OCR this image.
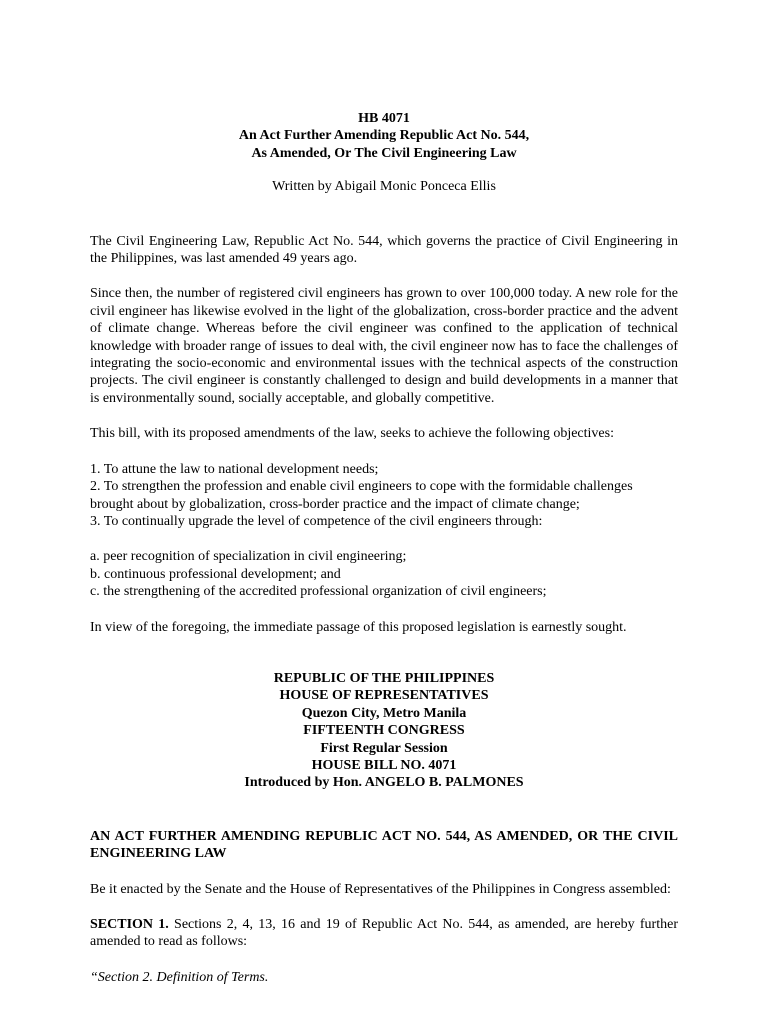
HB 4071
An Act Further Amending Republic Act No. 544,
As Amended, Or The Civil Engineering Law
Written by Abigail Monic Ponceca Ellis

The Civil Engineering Law, Republic Act No. 544, which governs the practice of Civil Engineering in the Philippines, was last amended 49 years ago.

Since then, the number of registered civil engineers has grown to over 100,000 today. A new role for the civil engineer has likewise evolved in the light of the globalization, cross-border practice and the advent of climate change. Whereas before the civil engineer was confined to the application of technical knowledge with broader range of issues to deal with, the civil engineer now has to face the challenges of integrating the socio-economic and environmental issues with the technical aspects of the construction projects. The civil engineer is constantly challenged to design and build developments in a manner that is environmentally sound, socially acceptable, and globally competitive.

This bill, with its proposed amendments of the law, seeks to achieve the following objectives:

1. To attune the law to national development needs;
2. To strengthen the profession and enable civil engineers to cope with the formidable challenges brought about by globalization, cross-border practice and the impact of climate change;
3. To continually upgrade the level of competence of the civil engineers through:
a. peer recognition of specialization in civil engineering;
b. continuous professional development; and
c. the strengthening of the accredited professional organization of civil engineers;

In view of the foregoing, the immediate passage of this proposed legislation is earnestly sought.

REPUBLIC OF THE PHILIPPINES
HOUSE OF REPRESENTATIVES
Quezon City, Metro Manila
FIFTEENTH CONGRESS
First Regular Session
HOUSE BILL NO. 4071
Introduced by Hon. ANGELO B. PALMONES

AN ACT FURTHER AMENDING REPUBLIC ACT NO. 544, AS AMENDED, OR THE CIVIL ENGINEERING LAW

Be it enacted by the Senate and the House of Representatives of the Philippines in Congress assembled:

SECTION 1. Sections 2, 4, 13, 16 and 19 of Republic Act No. 544, as amended, are hereby further amended to read as follows:

“Section 2. Definition of Terms.
